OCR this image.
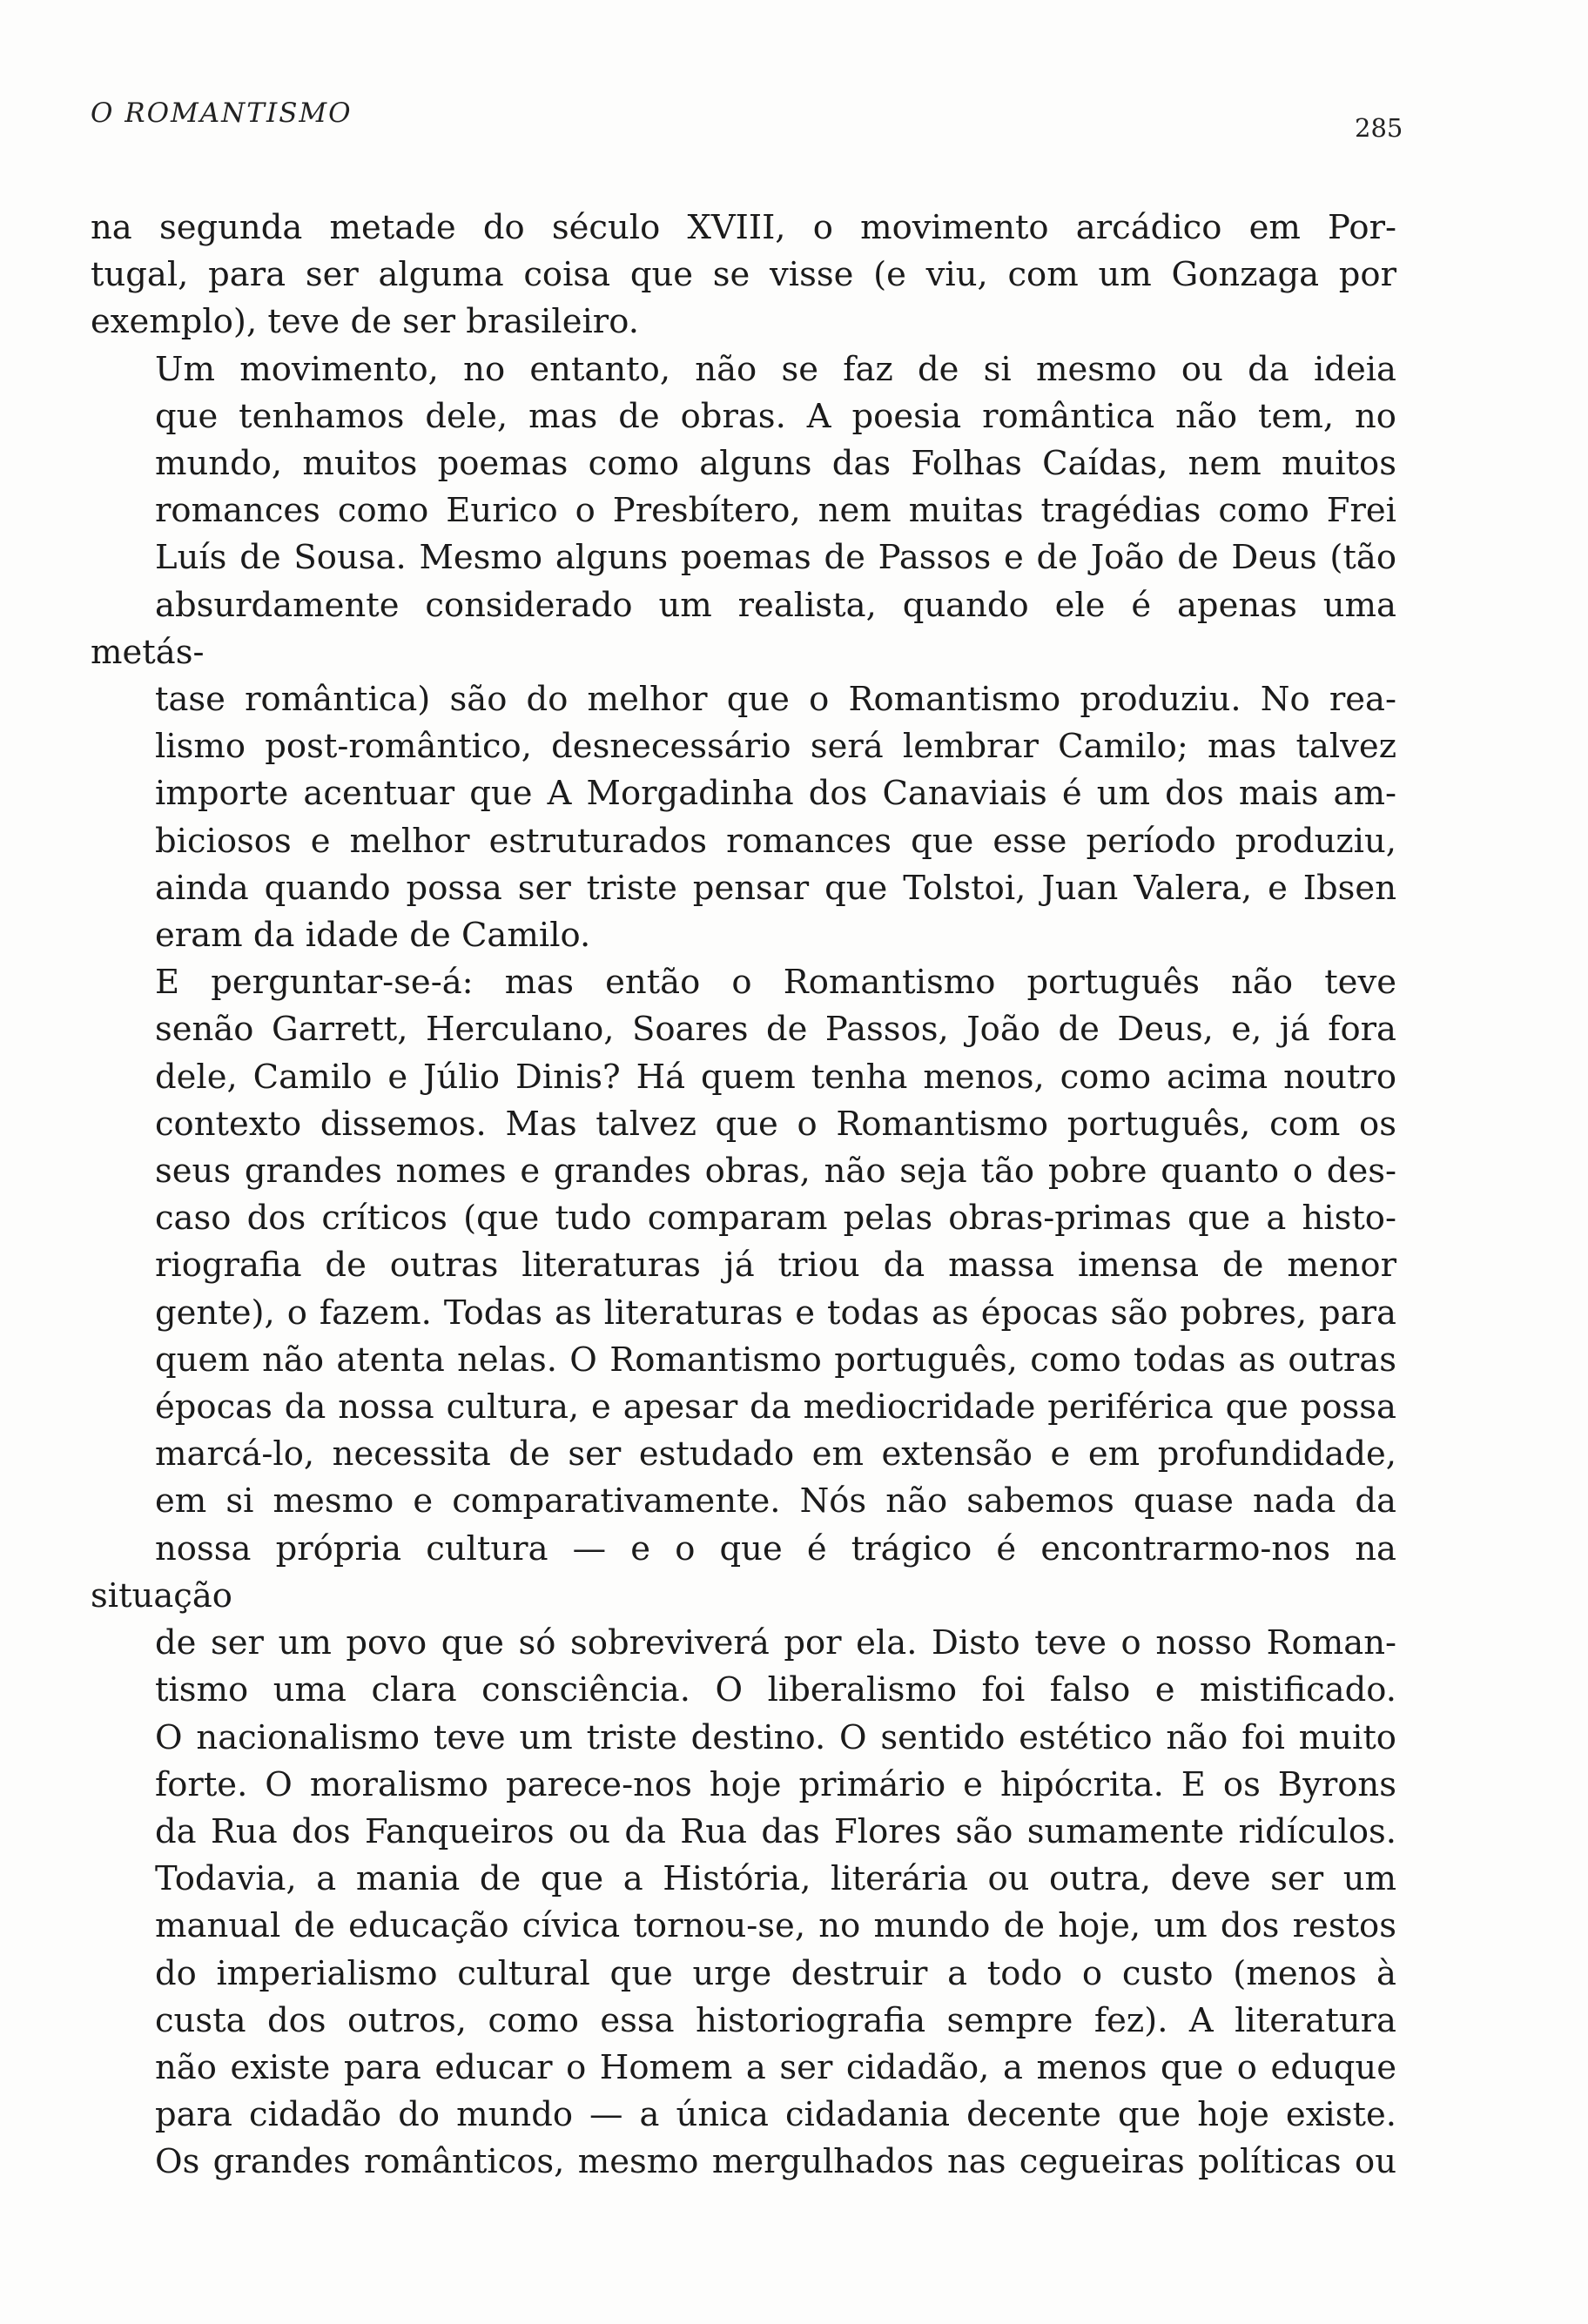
O ROMANTISMO	285

na segunda metade do século XVIII, o movimento arcádico em Por-
tugal, para ser alguma coisa que se visse (e viu, com um Gonzaga por
exemplo), teve de ser brasileiro.

Um movimento, no entanto, não se faz de si mesmo ou da ideia
que tenhamos dele, mas de obras. A poesia romântica não tem, no
mundo, muitos poemas como alguns das Folhas Caídas, nem muitos
romances como Eurico o Presbítero, nem muitas tragédias como Frei
Luís de Sousa. Mesmo alguns poemas de Passos e de João de Deus (tão
absurdamente considerado um realista, quando ele é apenas uma metás-
tase romântica) são do melhor que o Romantismo produziu. No rea-
lismo post-romântico, desnecessário será lembrar Camilo; mas talvez
importe acentuar que A Morgadinha dos Canaviais é um dos mais am-
biciosos e melhor estruturados romances que esse período produziu,
ainda quando possa ser triste pensar que Tolstoi, Juan Valera, e Ibsen
eram da idade de Camilo.

E perguntar-se-á: mas então o Romantismo português não teve
senão Garrett, Herculano, Soares de Passos, João de Deus, e, já fora
dele, Camilo e Júlio Dinis? Há quem tenha menos, como acima noutro
contexto dissemos. Mas talvez que o Romantismo português, com os
seus grandes nomes e grandes obras, não seja tão pobre quanto o des-
caso dos críticos (que tudo comparam pelas obras-primas que a histo-
riografia de outras literaturas já triou da massa imensa de menor
gente), o fazem. Todas as literaturas e todas as épocas são pobres, para
quem não atenta nelas. O Romantismo português, como todas as outras
épocas da nossa cultura, e apesar da mediocridade periférica que possa
marcá-lo, necessita de ser estudado em extensão e em profundidade,
em si mesmo e comparativamente. Nós não sabemos quase nada da
nossa própria cultura — e o que é trágico é encontrarmo-nos na situação
de ser um povo que só sobreviverá por ela. Disto teve o nosso Roman-
tismo uma clara consciência. O liberalismo foi falso e mistificado.
O nacionalismo teve um triste destino. O sentido estético não foi muito
forte. O moralismo parece-nos hoje primário e hipócrita. E os Byrons
da Rua dos Fanqueiros ou da Rua das Flores são sumamente ridículos.
Todavia, a mania de que a História, literária ou outra, deve ser um
manual de educação cívica tornou-se, no mundo de hoje, um dos restos
do imperialismo cultural que urge destruir a todo o custo (menos à
custa dos outros, como essa historiografia sempre fez). A literatura
não existe para educar o Homem a ser cidadão, a menos que o eduque
para cidadão do mundo — a única cidadania decente que hoje existe.
Os grandes românticos, mesmo mergulhados nas cegueiras políticas ou
